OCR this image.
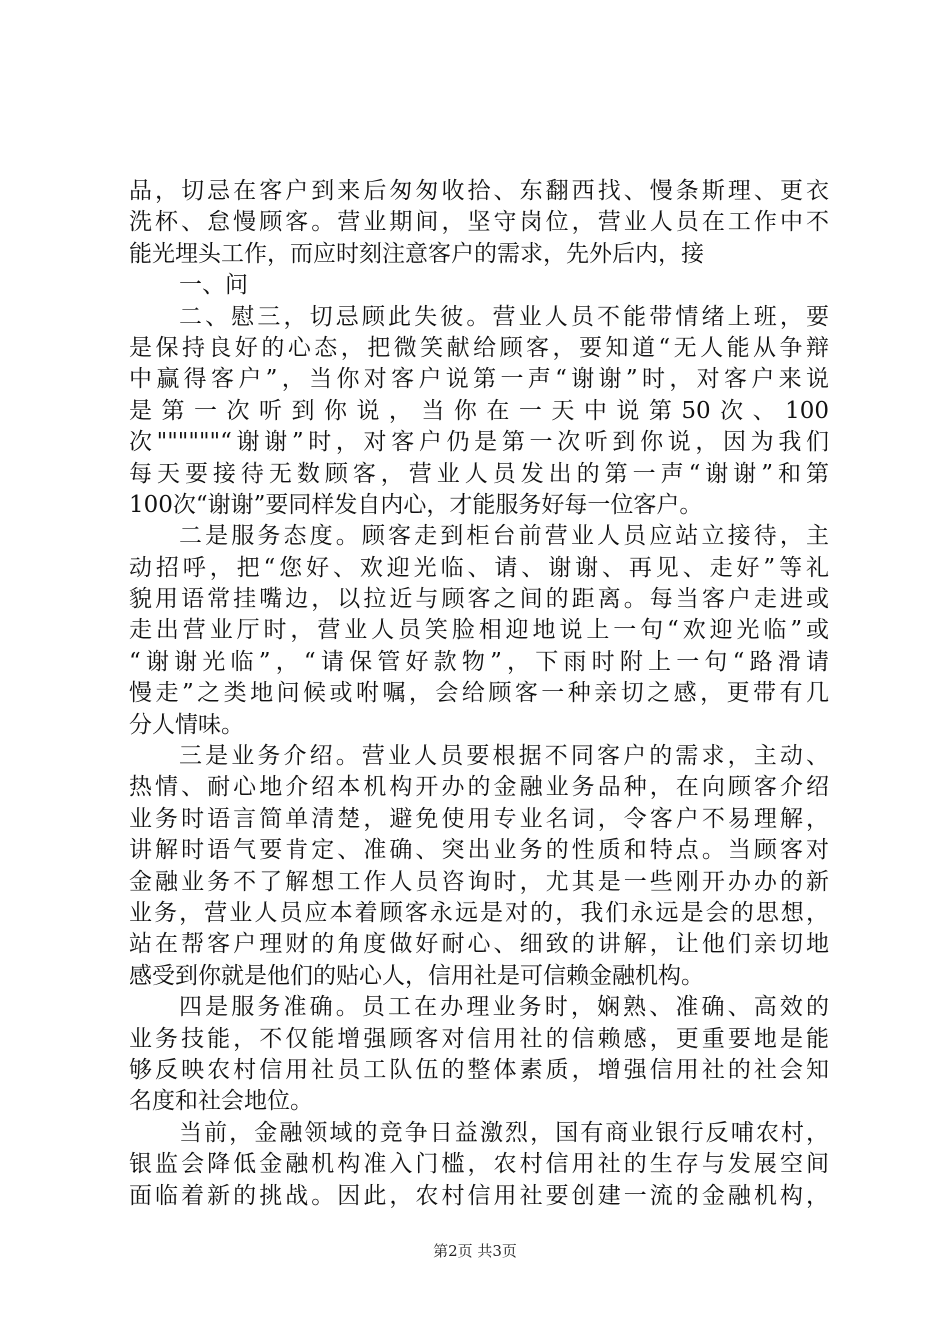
品，切忌在客户到来后匆匆收拾、东翻西找、慢条斯理、更衣
洗杯、怠慢顾客。营业期间，坚守岗位，营业人员在工作中不
能光埋头工作，而应时刻注意客户的需求，先外后内，接
一、问
二、慰三，切忌顾此失彼。营业人员不能带情绪上班，要
是保持良好的心态，把微笑献给顾客，要知道“无人能从争辩
中赢得客户”，当你对客户说第一声“谢谢”时，对客户来说
是第一次听到你说，当你在一天中说第50次、100
次""""""“谢谢”时，对客户仍是第一次听到你说，因为我们
每天要接待无数顾客，营业人员发出的第一声“谢谢”和第
100次“谢谢”要同样发自内心，才能服务好每一位客户。
二是服务态度。顾客走到柜台前营业人员应站立接待，主
动招呼，把“您好、欢迎光临、请、谢谢、再见、走好”等礼
貌用语常挂嘴边，以拉近与顾客之间的距离。每当客户走进或
走出营业厅时，营业人员笑脸相迎地说上一句“欢迎光临”或
“谢谢光临”，“请保管好款物”，下雨时附上一句“路滑请
慢走”之类地问候或咐嘱，会给顾客一种亲切之感，更带有几
分人情味。
三是业务介绍。营业人员要根据不同客户的需求，主动、
热情、耐心地介绍本机构开办的金融业务品种，在向顾客介绍
业务时语言简单清楚，避免使用专业名词，令客户不易理解，
讲解时语气要肯定、准确、突出业务的性质和特点。当顾客对
金融业务不了解想工作人员咨询时，尤其是一些刚开办办的新
业务，营业人员应本着顾客永远是对的，我们永远是会的思想，
站在帮客户理财的角度做好耐心、细致的讲解，让他们亲切地
感受到你就是他们的贴心人，信用社是可信赖金融机构。
四是服务准确。员工在办理业务时，娴熟、准确、高效的
业务技能，不仅能增强顾客对信用社的信赖感，更重要地是能
够反映农村信用社员工队伍的整体素质，增强信用社的社会知
名度和社会地位。
当前，金融领域的竞争日益激烈，国有商业银行反哺农村，
银监会降低金融机构准入门槛，农村信用社的生存与发展空间
面临着新的挑战。因此，农村信用社要创建一流的金融机构，
第2页 共3页
